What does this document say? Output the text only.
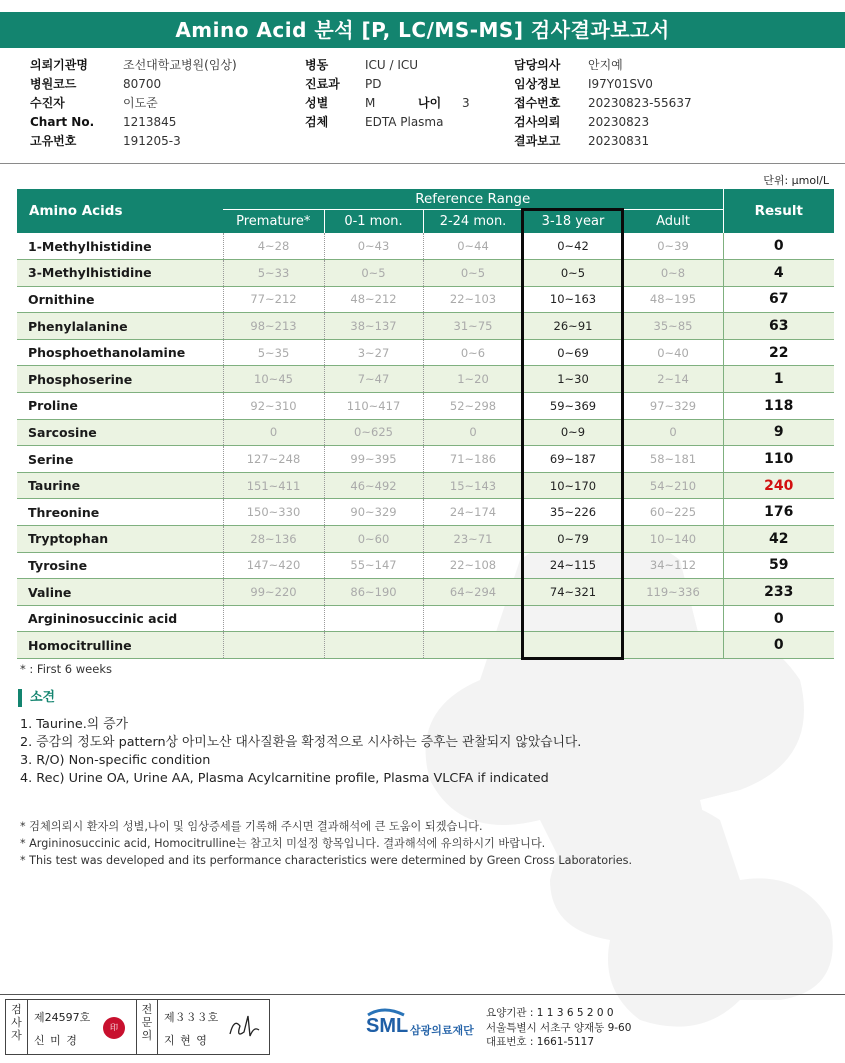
Amino Acid 분석 [P, LC/MS-MS] 검사결과보고서
의뢰기관명	조선대학교병원(임상)
병원코드	80700
수진자	이도준
Chart No. 1213845
고유번호	191205-3
병동	ICU / ICU
진료과 PD
성별	M	나이 3
검체	EDTA Plasma
담당의사 안지예
임상정보 I97Y01SV0
접수번호 20230823-55637
검사의뢰 20230823
결과보고 20230831
단위: μmol/L
Amino Acids	Reference Range					Result
	Premature*	0-1 mon.	2-24 mon.	3-18 year	Adult	
1-Methylhistidine	4~28	0~43	0~44	0~42	0~39	0
3-Methylhistidine	5~33	0~5	0~5	0~5	0~8	4
Ornithine	77~212	48~212	22~103	10~163	48~195	67
Phenylalanine	98~213	38~137	31~75	26~91	35~85	63
Phosphoethanolamine	5~35	3~27	0~6	0~69	0~40	22
Phosphoserine	10~45	7~47	1~20	1~30	2~14	1
Proline	92~310	110~417	52~298	59~369	97~329	118
Sarcosine	0	0~625	0	0~9	0	9
Serine	127~248	99~395	71~186	69~187	58~181	110
Taurine	151~411	46~492	15~143	10~170	54~210	240
Threonine	150~330	90~329	24~174	35~226	60~225	176
Tryptophan	28~136	0~60	23~71	0~79	10~140	42
Tyrosine	147~420	55~147	22~108	24~115	34~112	59
Valine	99~220	86~190	64~294	74~321	119~336	233
Argininosuccinic acid						0
Homocitrulline						0
* : First 6 weeks
소견
1. Taurine.의 증가
2. 증감의 정도와 pattern상 아미노산 대사질환을 확정적으로 시사하는 증후는 관찰되지 않았습니다.
3. R/O) Non-specific condition
4. Rec) Urine OA, Urine AA, Plasma Acylcarnitine profile, Plasma VLCFA if indicated
* 검체의뢰시 환자의 성별,나이 및 임상증세를 기록해 주시면 결과해석에 큰 도움이 되겠습니다.
* Argininosuccinic acid, Homocitrulline는 참고치 미설정 항목입니다. 결과해석에 유의하시기 바랍니다.
* This test was developed and its performance characteristics were determined by Green Cross Laboratories.
검사자
제24597호
신 미 경
印
전문의
제３３３호
지 현 영
SML 삼광의료재단
요양기관 : 1 1 3 6 5 2 0 0
서울특별시 서초구 양재동 9-60
대표번호 : 1661-5117
